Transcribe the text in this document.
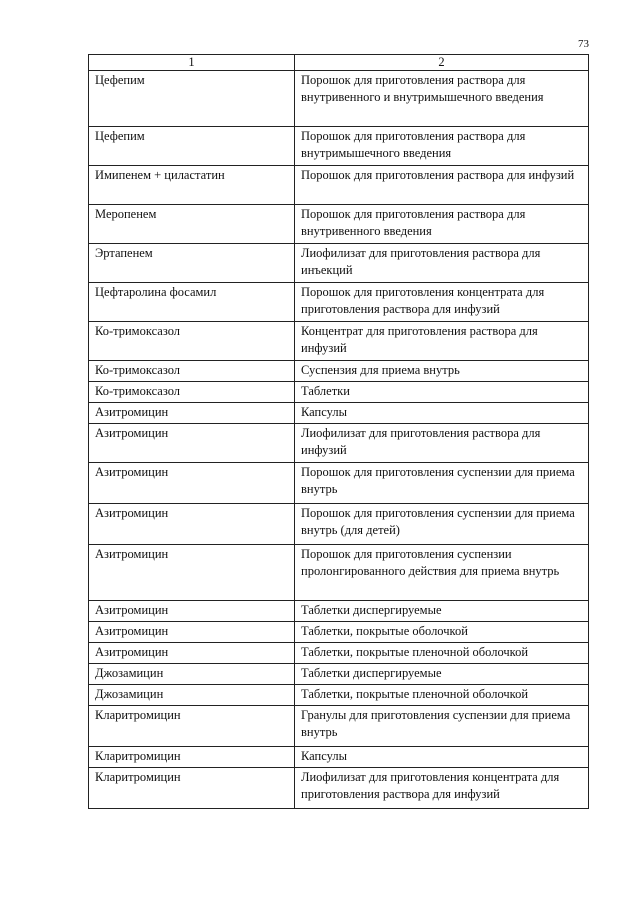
73
1	2
Цефепим	Порошок для приготовления раствора для внутривенного и внутримышечного введения
Цефепим	Порошок для приготовления раствора для внутримышечного введения
Имипенем + циластатин	Порошок для приготовления раствора для инфузий
Меропенем	Порошок для приготовления раствора для внутривенного введения
Эртапенем	Лиофилизат для приготовления раствора для инъекций
Цефтаролина фосамил	Порошок для приготовления концентрата для приготовления раствора для инфузий
Ко-тримоксазол	Концентрат для приготовления раствора для инфузий
Ко-тримоксазол	Суспензия для приема внутрь
Ко-тримоксазол	Таблетки
Азитромицин	Капсулы
Азитромицин	Лиофилизат для приготовления раствора для инфузий
Азитромицин	Порошок для приготовления суспензии для приема внутрь
Азитромицин	Порошок для приготовления суспензии для приема внутрь (для детей)
Азитромицин	Порошок для приготовления суспензии пролонгированного действия для приема внутрь
Азитромицин	Таблетки диспергируемые
Азитромицин	Таблетки, покрытые оболочкой
Азитромицин	Таблетки, покрытые пленочной оболочкой
Джозамицин	Таблетки диспергируемые
Джозамицин	Таблетки, покрытые пленочной оболочкой
Кларитромицин	Гранулы для приготовления суспензии для приема внутрь
Кларитромицин	Капсулы
Кларитромицин	Лиофилизат для приготовления концентрата для приготовления раствора для инфузий
